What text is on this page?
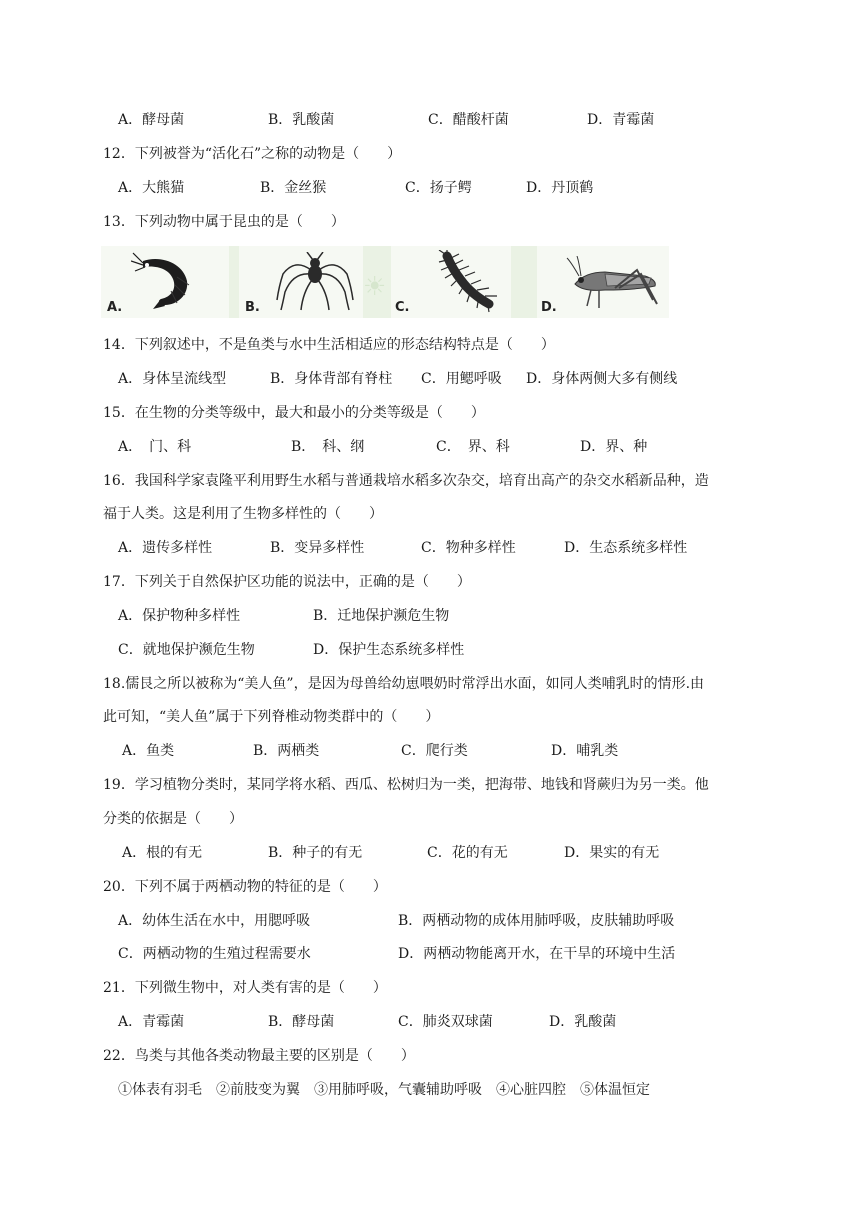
A．酵母菌	B．乳酸菌	C．醋酸杆菌	D．青霉菌
12．下列被誉为“活化石”之称的动物是（　　）
A．大熊猫	B．金丝猴	C．扬子鳄	D．丹顶鹤
13．下列动物中属于昆虫的是（　　）
☀
A.	B.	C.	D.
14．下列叙述中，不是鱼类与水中生活相适应的形态结构特点是（　　）
A．身体呈流线型	B．身体背部有脊柱 C．用鳃呼吸 D．身体两侧大多有侧线
15．在生物的分类等级中，最大和最小的分类等级是（　　）
A．　门、科	B．　科、纲	C．　界、科	D．界、种
16．我国科学家袁隆平利用野生水稻与普通栽培水稻多次杂交，培育出高产的杂交水稻新品种，造
福于人类。这是利用了生物多样性的（　　）
A．遗传多样性	B．变异多样性	C．物种多样性	D．生态系统多样性
17．下列关于自然保护区功能的说法中，正确的是（　　）
A．保护物种多样性	B．迁地保护濒危生物
C．就地保护濒危生物	D．保护生态系统多样性
18.儒艮之所以被称为“美人鱼”，是因为母兽给幼崽喂奶时常浮出水面，如同人类哺乳时的情形.由
此可知，“美人鱼”属于下列脊椎动物类群中的（　　）
A．鱼类	B．两栖类	C．爬行类	D．哺乳类
19．学习植物分类时，某同学将水稻、西瓜、松树归为一类，把海带、地钱和肾蕨归为另一类。他
分类的依据是（　　）
A．根的有无	B．种子的有无	C．花的有无	D．果实的有无
20．下列不属于两栖动物的特征的是（　　）
A．幼体生活在水中，用腮呼吸	B．两栖动物的成体用肺呼吸，皮肤辅助呼吸
C．两栖动物的生殖过程需要水	D．两栖动物能离开水，在干旱的环境中生活
21．下列微生物中，对人类有害的是（　　）
A．青霉菌	B．酵母菌	C．肺炎双球菌	D．乳酸菌
22．鸟类与其他各类动物最主要的区别是（　　）
①体表有羽毛　②前肢变为翼　③用肺呼吸，气囊辅助呼吸　④心脏四腔　⑤体温恒定
